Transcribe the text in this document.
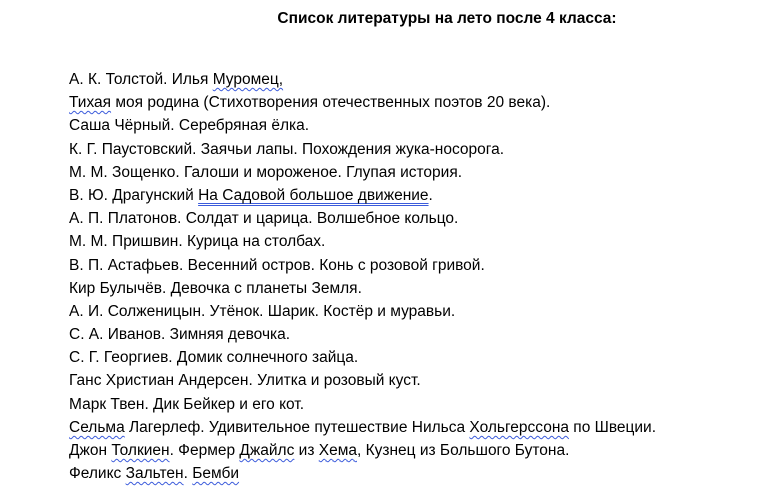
Список литературы на лето после 4 класса:
А. К. Толстой. Илья Муромец,
Тихая моя родина (Стихотворения отечественных поэтов 20 века).
Саша Чёрный. Серебряная ёлка.
К. Г. Паустовский. Заячьи лапы. Похождения жука-носорога.
М. М. Зощенко. Галоши и мороженое. Глупая история.
В. Ю. Драгунский На Садовой большое движение.
А. П. Платонов. Солдат и царица. Волшебное кольцо.
М. М. Пришвин. Курица на столбах.
В. П. Астафьев. Весенний остров. Конь с розовой гривой.
Кир Булычёв. Девочка с планеты Земля.
А. И. Солженицын. Утёнок. Шарик. Костёр и муравьи.
С. А. Иванов. Зимняя девочка.
С. Г. Георгиев. Домик солнечного зайца.
Ганс Христиан Андерсен. Улитка и розовый куст.
Марк Твен. Дик Бейкер и его кот.
Сельма Лагерлеф. Удивительное путешествие Нильса Хольгерссона по Швеции.
Джон Толкиен. Фермер Джайлс из Хема, Кузнец из Большого Бутона.
Феликс Зальтен. Бемби
